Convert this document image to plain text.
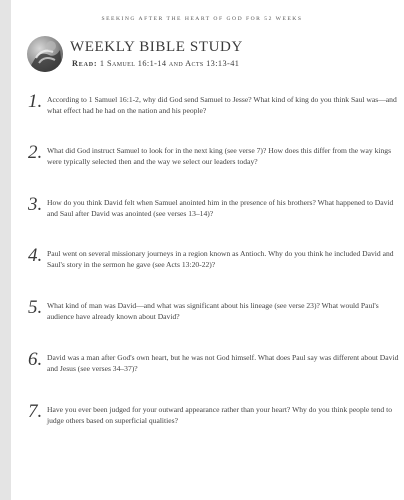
SEEKING AFTER THE HEART OF GOD FOR 52 WEEKS
WEEKLY BIBLE STUDY
Read: 1 Samuel 16:1-14 and Acts 13:13-41
1. According to 1 Samuel 16:1-2, why did God send Samuel to Jesse? What kind of king do you think Saul was—and what effect had he had on the nation and his people?

2. What did God instruct Samuel to look for in the next king (see verse 7)? How does this differ from the way kings were typically selected then and the way we select our leaders today?

3. How do you think David felt when Samuel anointed him in the presence of his brothers? What happened to David and Saul after David was anointed (see verses 13–14)?

4. Paul went on several missionary journeys in a region known as Antioch. Why do you think he included David and Saul's story in the sermon he gave (see Acts 13:20-22)?

5. What kind of man was David—and what was significant about his lineage (see verse 23)? What would Paul's audience have already known about David?

6. David was a man after God's own heart, but he was not God himself. What does Paul say was different about David and Jesus (see verses 34–37)?

7. Have you ever been judged for your outward appearance rather than your heart? Why do you think people tend to judge others based on superficial qualities?
